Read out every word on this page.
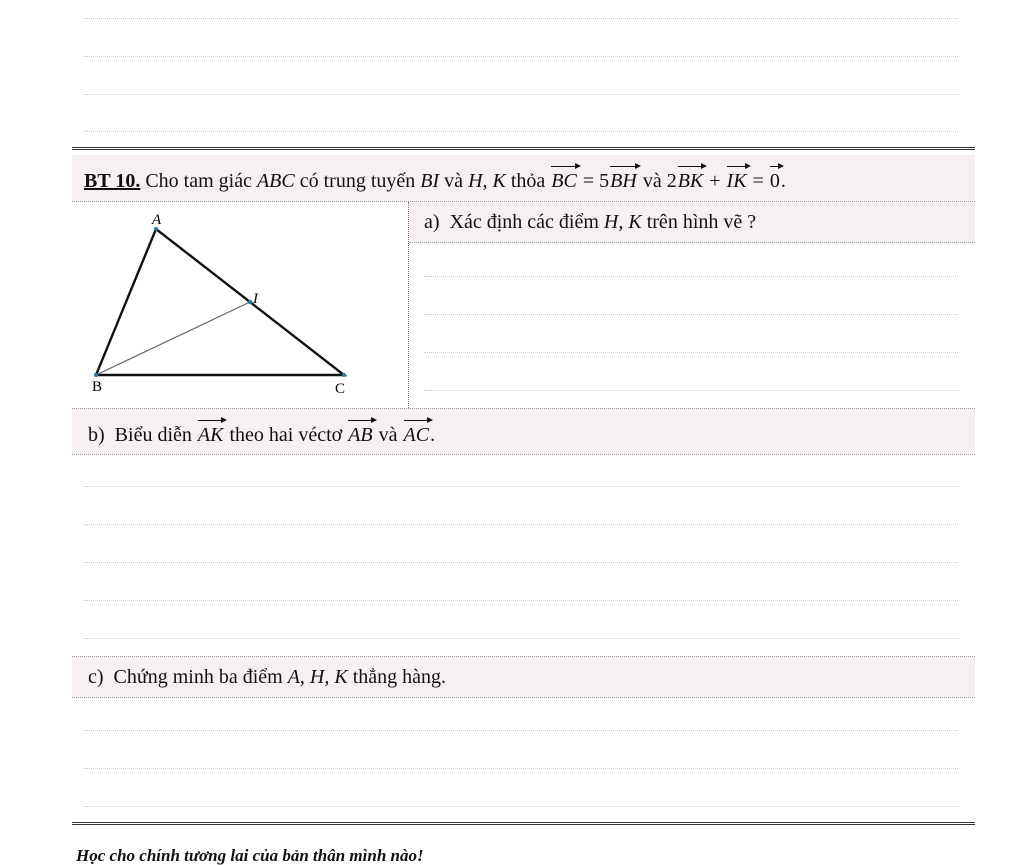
BT 10. Cho tam giác ABC có trung tuyến BI và H, K thỏa BC = 5BH và 2BK + IK = 0.
A
I
B	C
a) Xác định các điểm H, K trên hình vẽ ?
b) Biểu diễn AK theo hai véctơ AB và AC.
c) Chứng minh ba điểm A, H, K thẳng hàng.
Học cho chính tương lai của bản thân mình nào!
